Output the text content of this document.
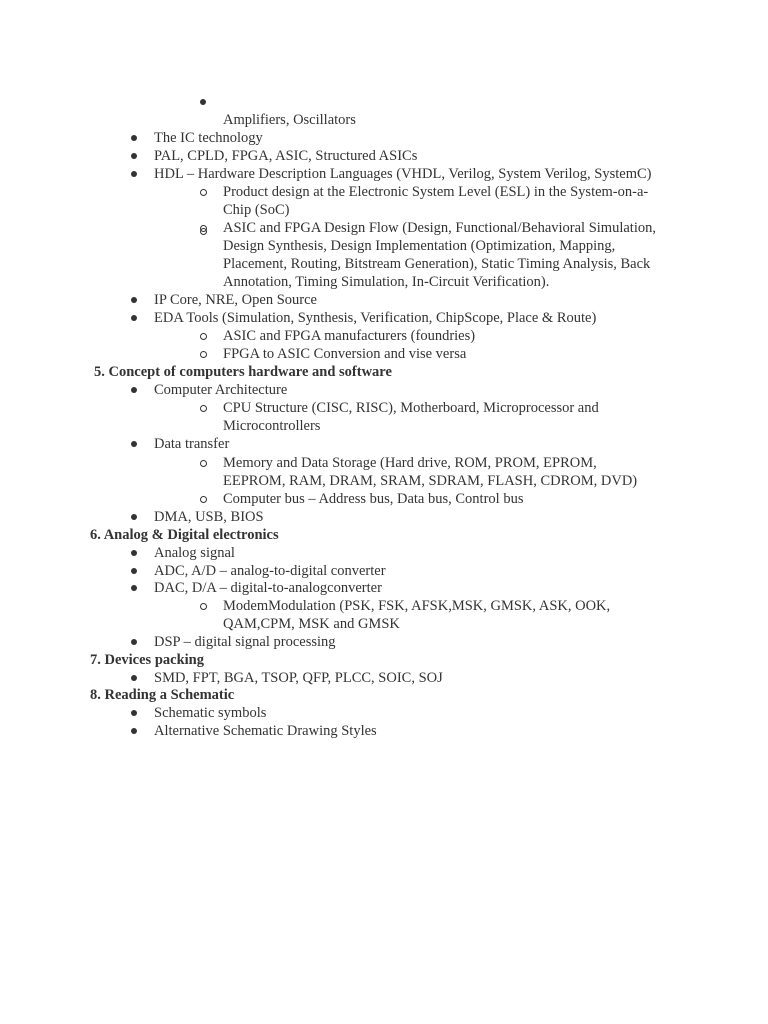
Amplifiers, Oscillators
The IC technology
PAL, CPLD, FPGA, ASIC, Structured ASICs
HDL – Hardware Description Languages (VHDL, Verilog, System Verilog, SystemC)
Product design at the Electronic System Level (ESL) in the System-on-a-
Chip (SoC)
ASIC and FPGA Design Flow (Design, Functional/Behavioral Simulation,
Design Synthesis, Design Implementation (Optimization, Mapping,
Placement, Routing, Bitstream Generation), Static Timing Analysis, Back
Annotation, Timing Simulation, In-Circuit Verification).
IP Core, NRE, Open Source
EDA Tools (Simulation, Synthesis, Verification, ChipScope, Place & Route)
ASIC and FPGA manufacturers (foundries)
FPGA to ASIC Conversion and vise versa
5. Concept of computers hardware and software
Computer Architecture
CPU Structure (CISC, RISC), Motherboard, Microprocessor and
Microcontrollers
Data transfer
Memory and Data Storage (Hard drive, ROM, PROM, EPROM,
EEPROM, RAM, DRAM, SRAM, SDRAM, FLASH, CDROM, DVD)
Computer bus – Address bus, Data bus, Control bus
DMA, USB, BIOS
6. Analog & Digital electronics
Analog signal
ADC, A/D – analog-to-digital converter
DAC, D/A – digital-to-analogconverter
ModemModulation (PSK, FSK, AFSK,MSK, GMSK, ASK, OOK,
QAM,CPM, MSK and GMSK
DSP – digital signal processing
7. Devices packing
SMD, FPT, BGA, TSOP, QFP, PLCC, SOIC, SOJ
8. Reading a Schematic
Schematic symbols
Alternative Schematic Drawing Styles
